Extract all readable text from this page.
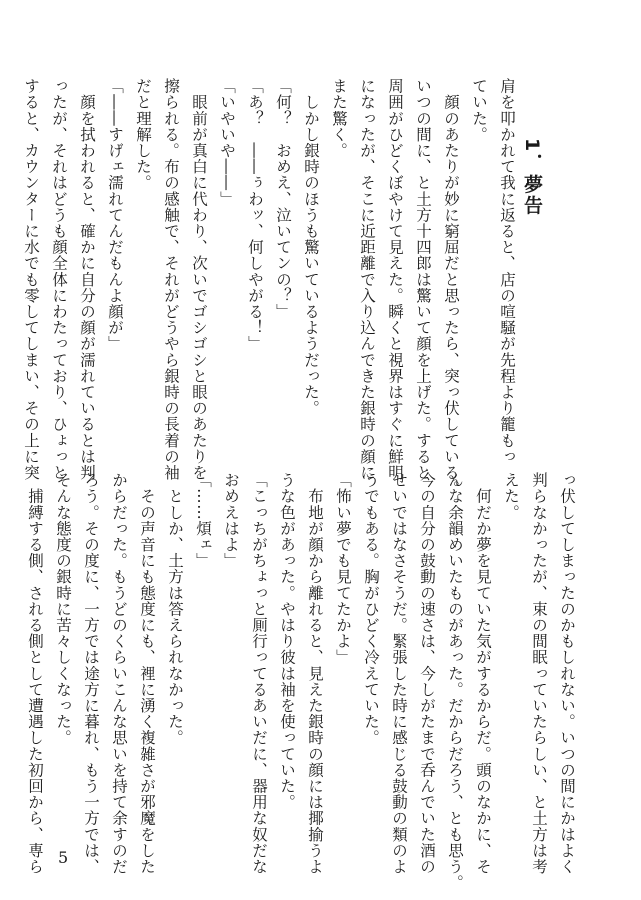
1．夢告
肩を叩かれて我に返ると、店の喧騒が先程より籠もっ
ていた。
　顔のあたりが妙に窮屈だと思ったら、突っ伏している。
いつの間に、と土方十四郎は驚いて顔を上げた。すると
周囲がひどくぼやけて見えた。瞬くと視界はすぐに鮮明
になったが、そこに近距離で入り込んできた銀時の顔に
また驚く。
　しかし銀時のほうも驚いているようだった。
「何？　おめえ、泣いてンの？」
「あ？　――ぅわッ、何しやがる！」
「いやいや――」
　眼前が真白に代わり、次いでゴシゴシと眼のあたりを
擦られる。布の感触で、それがどうやら銀時の長着の袖
だと理解した。
「――すげェ濡れてんだもんよ顔が」
　顔を拭われると、確かに自分の顔が濡れているとは判
ったが、それはどうも顔全体にわたっており、ひょっと
すると、カウンターに水でも零してしまい、その上に突
っ伏してしまったのかもしれない。いつの間にかはよく
判らなかったが、束の間眠っていたらしい、と土方は考
えた。
　何だか夢を見ていた気がするからだ。頭のなかに、そ
んな余韻めいたものがあった。だからだろう、とも思う。
今の自分の鼓動の速さは、今しがたまで呑んでいた酒の
せいではなさそうだ。緊張した時に感じる鼓動の類のよ
うでもある。胸がひどく冷えていた。
「怖い夢でも見てたかよ」
　布地が顔から離れると、見えた銀時の顔には揶揄うよ
うな色があった。やはり彼は袖を使っていた。
「こっちがちょっと厠行ってるあいだに、器用な奴だな
おめえはよ」
「……煩ェ」
　としか、土方は答えられなかった。
　その声音にも態度にも、裡に湧く複雑さが邪魔をした
からだった。もうどのくらいこんな思いを持て余すのだ
ろう。その度に、一方では途方に暮れ、もう一方では、
そんな態度の銀時に苦々しくなった。
　捕縛する側、される側として遭遇した初回から、専ら 5
